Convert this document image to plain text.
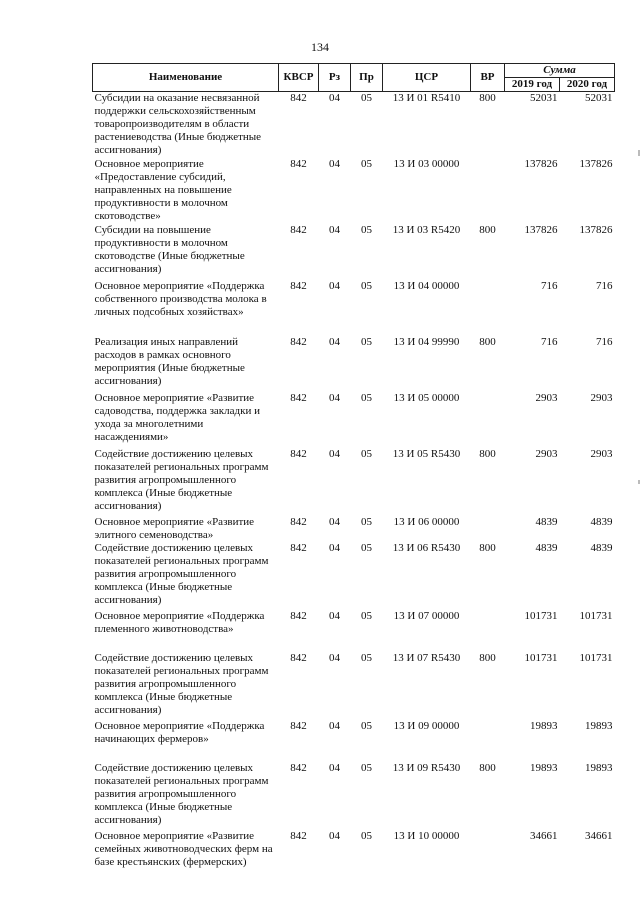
134
Наименование	КВСР	Рз	Пр	ЦСР	ВР	Сумма	
						2019 год	2020 год
Субсидии на оказание несвязанной поддержки сельскохозяйственным товаропроизводителям в области растениеводства (Иные бюджетные ассигнования)	842	04	05	13 И 01 R5410	800	52031	52031
Основное мероприятие «Предоставление субсидий, направленных на повышение продуктивности в молочном скотоводстве»	842	04	05	13 И 03 00000		137826	137826
Субсидии на повышение продуктивности в молочном скотоводстве (Иные бюджетные ассигнования)	842	04	05	13 И 03 R5420	800	137826	137826
Основное мероприятие «Поддержка собственного производства молока в личных подсобных хозяйствах»	842	04	05	13 И 04 00000		716	716
Реализация иных направлений расходов в рамках основного мероприятия (Иные бюджетные ассигнования)	842	04	05	13 И 04 99990	800	716	716
Основное мероприятие «Развитие садоводства, поддержка закладки и ухода за многолетними насаждениями»	842	04	05	13 И 05 00000		2903	2903
Содействие достижению целевых показателей региональных программ развития агропромышленного комплекса (Иные бюджетные ассигнования)	842	04	05	13 И 05 R5430	800	2903	2903
Основное мероприятие «Развитие элитного семеноводства»	842	04	05	13 И 06 00000		4839	4839
Содействие достижению целевых показателей региональных программ развития агропромышленного комплекса (Иные бюджетные ассигнования)	842	04	05	13 И 06 R5430	800	4839	4839
Основное мероприятие «Поддержка племенного животноводства»	842	04	05	13 И 07 00000		101731	101731
Содействие достижению целевых показателей региональных программ развития агропромышленного комплекса (Иные бюджетные ассигнования)	842	04	05	13 И 07 R5430	800	101731	101731
Основное мероприятие «Поддержка начинающих фермеров»	842	04	05	13 И 09 00000		19893	19893
Содействие достижению целевых показателей региональных программ развития агропромышленного комплекса (Иные бюджетные ассигнования)	842	04	05	13 И 09 R5430	800	19893	19893
Основное мероприятие «Развитие семейных животноводческих ферм на базе крестьянских (фермерских)	842	04	05	13 И 10 00000		34661	34661
